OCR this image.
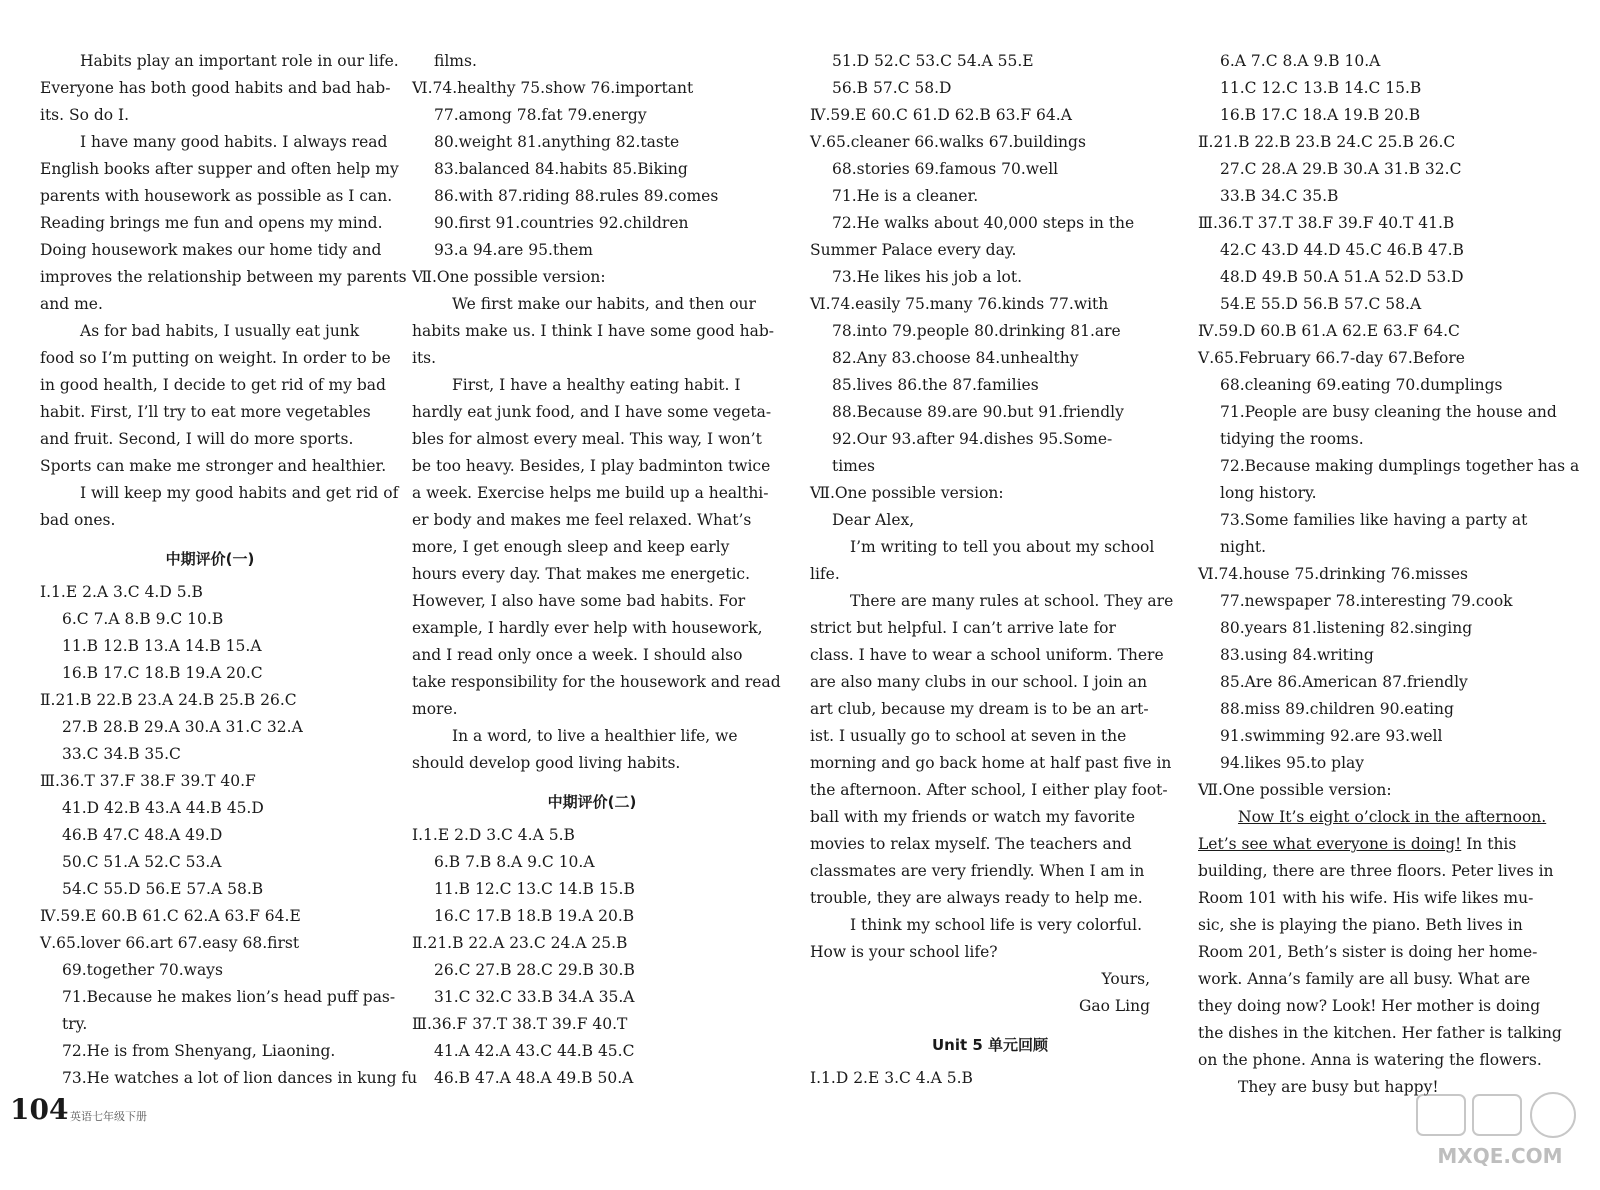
Habits play an important role in our life.
Everyone has both good habits and bad hab-
its. So do I.
I have many good habits. I always read
English books after supper and often help my
parents with housework as possible as I can.
Reading brings me fun and opens my mind.
Doing housework makes our home tidy and
improves the relationship between my parents
and me.
As for bad habits, I usually eat junk
food so I’m putting on weight. In order to be
in good health, I decide to get rid of my bad
habit. First, I’ll try to eat more vegetables
and fruit. Second, I will do more sports.
Sports can make me stronger and healthier.
I will keep my good habits and get rid of
bad ones.
中期评价(一)
Ⅰ.1.E 2.A 3.C 4.D 5.B
6.C 7.A 8.B 9.C 10.B
11.B 12.B 13.A 14.B 15.A
16.B 17.C 18.B 19.A 20.C
Ⅱ.21.B 22.B 23.A 24.B 25.B 26.C
27.B 28.B 29.A 30.A 31.C 32.A
33.C 34.B 35.C
Ⅲ.36.T 37.F 38.F 39.T 40.F
41.D 42.B 43.A 44.B 45.D
46.B 47.C 48.A 49.D
50.C 51.A 52.C 53.A
54.C 55.D 56.E 57.A 58.B
Ⅳ.59.E 60.B 61.C 62.A 63.F 64.E
Ⅴ.65.lover 66.art 67.easy 68.first
69.together 70.ways
71.Because he makes lion’s head puff pas-
try.
72.He is from Shenyang, Liaoning.
73.He watches a lot of lion dances in kung fu
films.
Ⅵ.74.healthy 75.show 76.important
77.among 78.fat 79.energy
80.weight 81.anything 82.taste
83.balanced 84.habits 85.Biking
86.with 87.riding 88.rules 89.comes
90.first 91.countries 92.children
93.a 94.are 95.them
Ⅶ.One possible version:
We first make our habits, and then our
habits make us. I think I have some good hab-
its.
First, I have a healthy eating habit. I
hardly eat junk food, and I have some vegeta-
bles for almost every meal. This way, I won’t
be too heavy. Besides, I play badminton twice
a week. Exercise helps me build up a healthi-
er body and makes me feel relaxed. What’s
more, I get enough sleep and keep early
hours every day. That makes me energetic.
However, I also have some bad habits. For
example, I hardly ever help with housework,
and I read only once a week. I should also
take responsibility for the housework and read
more.
In a word, to live a healthier life, we
should develop good living habits.
中期评价(二)
Ⅰ.1.E 2.D 3.C 4.A 5.B
6.B 7.B 8.A 9.C 10.A
11.B 12.C 13.C 14.B 15.B
16.C 17.B 18.B 19.A 20.B
Ⅱ.21.B 22.A 23.C 24.A 25.B
26.C 27.B 28.C 29.B 30.B
31.C 32.C 33.B 34.A 35.A
Ⅲ.36.F 37.T 38.T 39.F 40.T
41.A 42.A 43.C 44.B 45.C
46.B 47.A 48.A 49.B 50.A
51.D 52.C 53.C 54.A 55.E
56.B 57.C 58.D
Ⅳ.59.E 60.C 61.D 62.B 63.F 64.A
Ⅴ.65.cleaner 66.walks 67.buildings
68.stories 69.famous 70.well
71.He is a cleaner.
72.He walks about 40,000 steps in the
Summer Palace every day.
73.He likes his job a lot.
Ⅵ.74.easily 75.many 76.kinds 77.with
78.into 79.people 80.drinking 81.are
82.Any 83.choose 84.unhealthy
85.lives 86.the 87.families
88.Because 89.are 90.but 91.friendly
92.Our 93.after 94.dishes 95.Some-
times
Ⅶ.One possible version:
Dear Alex,
I’m writing to tell you about my school
life.
There are many rules at school. They are
strict but helpful. I can’t arrive late for
class. I have to wear a school uniform. There
are also many clubs in our school. I join an
art club, because my dream is to be an art-
ist. I usually go to school at seven in the
morning and go back home at half past five in
the afternoon. After school, I either play foot-
ball with my friends or watch my favorite
movies to relax myself. The teachers and
classmates are very friendly. When I am in
trouble, they are always ready to help me.
I think my school life is very colorful.
How is your school life?
Yours,
Gao Ling
Unit 5 单元回顾
Ⅰ.1.D 2.E 3.C 4.A 5.B
6.A 7.C 8.A 9.B 10.A
11.C 12.C 13.B 14.C 15.B
16.B 17.C 18.A 19.B 20.B
Ⅱ.21.B 22.B 23.B 24.C 25.B 26.C
27.C 28.A 29.B 30.A 31.B 32.C
33.B 34.C 35.B
Ⅲ.36.T 37.T 38.F 39.F 40.T 41.B
42.C 43.D 44.D 45.C 46.B 47.B
48.D 49.B 50.A 51.A 52.D 53.D
54.E 55.D 56.B 57.C 58.A
Ⅳ.59.D 60.B 61.A 62.E 63.F 64.C
Ⅴ.65.February 66.7-day 67.Before
68.cleaning 69.eating 70.dumplings
71.People are busy cleaning the house and
tidying the rooms.
72.Because making dumplings together has a
long history.
73.Some families like having a party at
night.
Ⅵ.74.house 75.drinking 76.misses
77.newspaper 78.interesting 79.cook
80.years 81.listening 82.singing
83.using 84.writing
85.Are 86.American 87.friendly
88.miss 89.children 90.eating
91.swimming 92.are 93.well
94.likes 95.to play
Ⅶ.One possible version:
Now It’s eight o’clock in the afternoon.
Let’s see what everyone is doing! In this
building, there are three floors. Peter lives in
Room 101 with his wife. His wife likes mu-
sic, she is playing the piano. Beth lives in
Room 201, Beth’s sister is doing her home-
work. Anna’s family are all busy. What are
they doing now? Look! Her mother is doing
the dishes in the kitchen. Her father is talking
on the phone. Anna is watering the flowers.
They are busy but happy!
104 英语七年级下册
MXQE.COM
